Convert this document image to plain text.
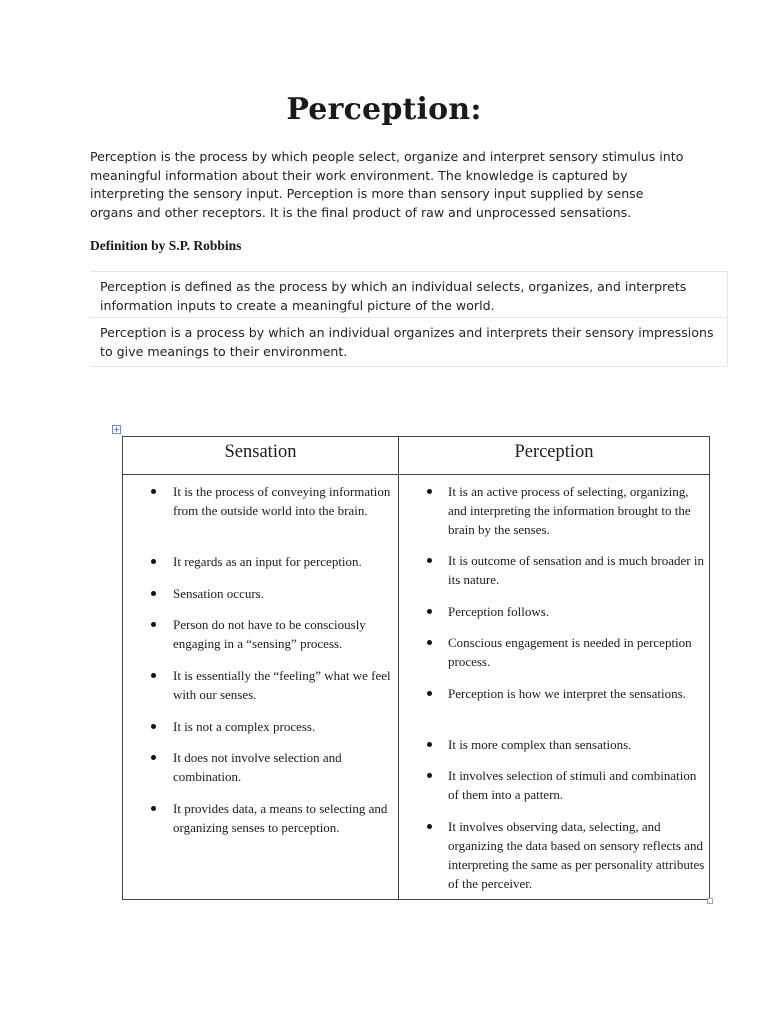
Perception:
Perception is the process by which people select, organize and interpret sensory stimulus into meaningful information about their work environment. The knowledge is captured by interpreting the sensory input. Perception is more than sensory input supplied by sense organs and other receptors. It is the final product of raw and unprocessed sensations.
Definition by S.P. Robbins
Perception is defined as the process by which an individual selects, organizes, and interprets information inputs to create a meaningful picture of the world.
Perception is a process by which an individual organizes and interprets their sensory impressions to give meanings to their environment.
+
Sensation	Perception
It is the process of conveying information from the outside world into the brain.
It regards as an input for perception.
Sensation occurs.
Person do not have to be consciously engaging in a “sensing” process.
It is essentially the “feeling” what we feel with our senses.
It is not a complex process.
It does not involve selection and combination.
It provides data, a means to selecting and organizing senses to perception.
It is an active process of selecting, organizing, and interpreting the information brought to the brain by the senses.
It is outcome of sensation and is much broader in its nature.
Perception follows.
Conscious engagement is needed in perception process.
Perception is how we interpret the sensations.
It is more complex than sensations.
It involves selection of stimuli and combination of them into a pattern.
It involves observing data, selecting, and organizing the data based on sensory reflects and interpreting the same as per personality attributes of the perceiver.
